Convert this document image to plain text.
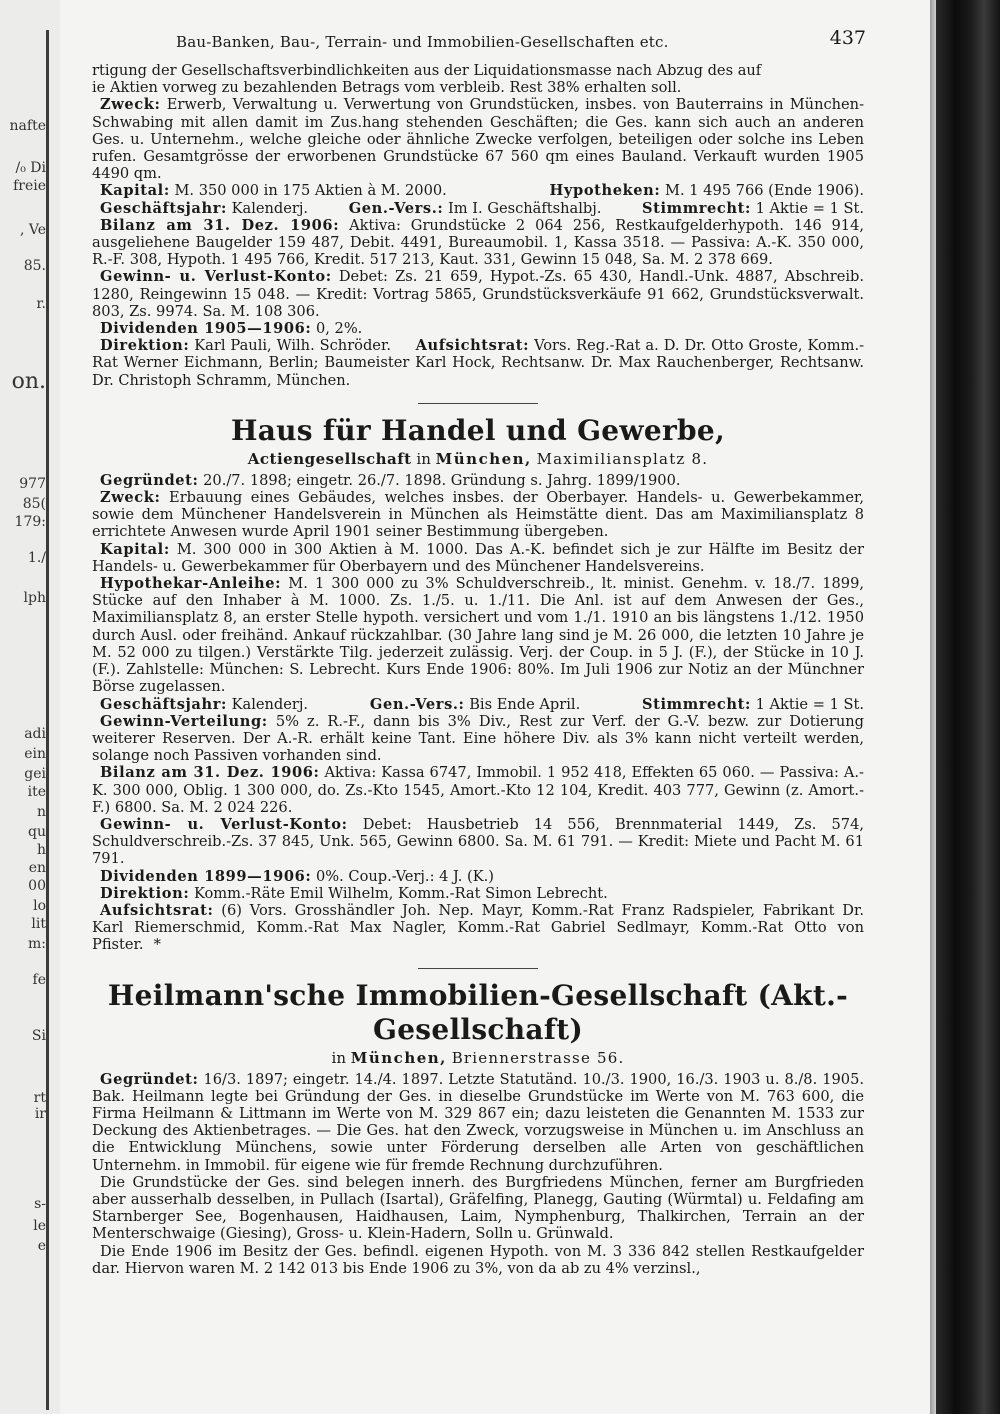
nafte
/₀ Di
freie
, Ve
85.
r.
on.
977
85(
179:
1./
lph
adi
ein
gei
ite
n
qu
h
en
00
lo
lit
m:
fe
Si
rt
ir
s-
le
e
Bau-Banken, Bau-, Terrain- und Immobilien-Gesellschaften etc.	437

rtigung der Gesellschaftsverbindlichkeiten aus der Liquidationsmasse nach Abzug des auf

ie Aktien vorweg zu bezahlenden Betrags vom verbleib. Rest 38% erhalten soll.

Zweck: Erwerb, Verwaltung u. Verwertung von Grundstücken, insbes. von Bauterrains in München-Schwabing mit allen damit im Zus.hang stehenden Geschäften; die Ges. kann sich auch an anderen Ges. u. Unternehm., welche gleiche oder ähnliche Zwecke verfolgen, beteiligen oder solche ins Leben rufen. Gesamtgrösse der erworbenen Grundstücke 67 560 qm eines Bauland. Verkauft wurden 1905 4490 qm.

Kapital: M. 350 000 in 175 Aktien à M. 2000.	Hypotheken: M. 1 495 766 (Ende 1906).
Geschäftsjahr: Kalenderj.	Gen.-Vers.: Im I. Geschäftshalbj.	Stimmrecht: 1 Aktie = 1 St.

Bilanz am 31. Dez. 1906: Aktiva: Grundstücke 2 064 256, Restkaufgelderhypoth. 146 914, ausgeliehene Baugelder 159 487, Debit. 4491, Bureaumobil. 1, Kassa 3518. — Passiva: A.-K. 350 000, R.-F. 308, Hypoth. 1 495 766, Kredit. 517 213, Kaut. 331, Gewinn 15 048, Sa. M. 2 378 669.

Gewinn- u. Verlust-Konto: Debet: Zs. 21 659, Hypot.-Zs. 65 430, Handl.-Unk. 4887, Abschreib. 1280, Reingewinn 15 048. — Kredit: Vortrag 5865, Grundstücksverkäufe 91 662, Grundstücksverwalt. 803, Zs. 9974. Sa. M. 108 306.

Dividenden 1905—1906: 0, 2%.

Direktion: Karl Pauli, Wilh. Schröder. Aufsichtsrat: Vors. Reg.-Rat a. D. Dr. Otto Groste, Komm.-Rat Werner Eichmann, Berlin; Baumeister Karl Hock, Rechtsanw. Dr. Max Rauchenberger, Rechtsanw. Dr. Christoph Schramm, München.

Haus für Handel und Gewerbe,
Actiengesellschaft in München, Maximiliansplatz 8.

Gegründet: 20./7. 1898; eingetr. 26./7. 1898. Gründung s. Jahrg. 1899/1900.

Zweck: Erbauung eines Gebäudes, welches insbes. der Oberbayer. Handels- u. Gewerbekammer, sowie dem Münchener Handelsverein in München als Heimstätte dient. Das am Maximiliansplatz 8 errichtete Anwesen wurde April 1901 seiner Bestimmung übergeben.

Kapital: M. 300 000 in 300 Aktien à M. 1000. Das A.-K. befindet sich je zur Hälfte im Besitz der Handels- u. Gewerbekammer für Oberbayern und des Münchener Handelsvereins.

Hypothekar-Anleihe: M. 1 300 000 zu 3% Schuldverschreib., lt. minist. Genehm. v. 18./7. 1899, Stücke auf den Inhaber à M. 1000. Zs. 1./5. u. 1./11. Die Anl. ist auf dem Anwesen der Ges., Maximiliansplatz 8, an erster Stelle hypoth. versichert und vom 1./1. 1910 an bis längstens 1./12. 1950 durch Ausl. oder freihänd. Ankauf rückzahlbar. (30 Jahre lang sind je M. 26 000, die letzten 10 Jahre je M. 52 000 zu tilgen.) Verstärkte Tilg. jederzeit zulässig. Verj. der Coup. in 5 J. (F.), der Stücke in 10 J. (F.). Zahlstelle: München: S. Lebrecht. Kurs Ende 1906: 80%. Im Juli 1906 zur Notiz an der Münchner Börse zugelassen.

Geschäftsjahr: Kalenderj.	Gen.-Vers.: Bis Ende April.	Stimmrecht: 1 Aktie = 1 St.

Gewinn-Verteilung: 5% z. R.-F., dann bis 3% Div., Rest zur Verf. der G.-V. bezw. zur Dotierung weiterer Reserven. Der A.-R. erhält keine Tant. Eine höhere Div. als 3% kann nicht verteilt werden, solange noch Passiven vorhanden sind.

Bilanz am 31. Dez. 1906: Aktiva: Kassa 6747, Immobil. 1 952 418, Effekten 65 060. — Passiva: A.-K. 300 000, Oblig. 1 300 000, do. Zs.-Kto 1545, Amort.-Kto 12 104, Kredit. 403 777, Gewinn (z. Amort.-F.) 6800. Sa. M. 2 024 226.

Gewinn- u. Verlust-Konto: Debet: Hausbetrieb 14 556, Brennmaterial 1449, Zs. 574, Schuldverschreib.-Zs. 37 845, Unk. 565, Gewinn 6800. Sa. M. 61 791. — Kredit: Miete und Pacht M. 61 791.

Dividenden 1899—1906: 0%. Coup.-Verj.: 4 J. (K.)

Direktion: Komm.-Räte Emil Wilhelm, Komm.-Rat Simon Lebrecht.

Aufsichtsrat: (6) Vors. Grosshändler Joh. Nep. Mayr, Komm.-Rat Franz Radspieler, Fabrikant Dr. Karl Riemerschmid, Komm.-Rat Max Nagler, Komm.-Rat Gabriel Sedlmayr, Komm.-Rat Otto von Pfister. *

Heilmann'sche Immobilien-Gesellschaft (Akt.-Gesellschaft)
in München, Briennerstrasse 56.

Gegründet: 16/3. 1897; eingetr. 14./4. 1897. Letzte Statutänd. 10./3. 1900, 16./3. 1903 u. 8./8. 1905. Bak. Heilmann legte bei Gründung der Ges. in dieselbe Grundstücke im Werte von M. 763 600, die Firma Heilmann & Littmann im Werte von M. 329 867 ein; dazu leisteten die Genannten M. 1533 zur Deckung des Aktienbetrages. — Die Ges. hat den Zweck, vorzugsweise in München u. im Anschluss an die Entwicklung Münchens, sowie unter Förderung derselben alle Arten von geschäftlichen Unternehm. in Immobil. für eigene wie für fremde Rechnung durchzuführen.

Die Grundstücke der Ges. sind belegen innerh. des Burgfriedens München, ferner am Burgfrieden aber ausserhalb desselben, in Pullach (Isartal), Gräfelfing, Planegg, Gauting (Würmtal) u. Feldafing am Starnberger See, Bogenhausen, Haidhausen, Laim, Nymphenburg, Thalkirchen, Terrain an der Menterschwaige (Giesing), Gross- u. Klein-Hadern, Solln u. Grünwald.

Die Ende 1906 im Besitz der Ges. befindl. eigenen Hypoth. von M. 3 336 842 stellen Restkaufgelder dar. Hiervon waren M. 2 142 013 bis Ende 1906 zu 3%, von da ab zu 4% verzinsl.,
